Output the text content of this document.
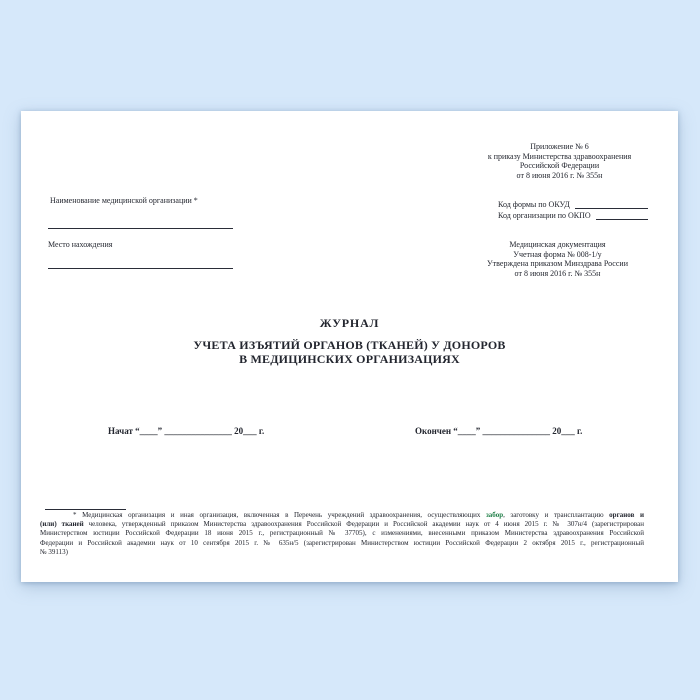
Приложение № 6
к приказу Министерства здравоохранения
Российской Федерации
от 8 июня 2016 г. № 355н
Наименование медицинской организации *
Место нахождения
Код формы по ОКУД
Код организации по ОКПО
Медицинская документация
Учетная форма № 008-1/у
Утверждена приказом Минздрава России
от 8 июня 2016 г. № 355н
ЖУРНАЛ
УЧЕТА ИЗЪЯТИЙ ОРГАНОВ (ТКАНЕЙ) У ДОНОРОВ
В МЕДИЦИНСКИХ ОРГАНИЗАЦИЯХ
Начат “____” _______________ 20___ г.	Окончен “____” _______________ 20___ г.
* Медицинская организация и иная организация, включенная в Перечень учреждений здравоохранения, осуществляющих забор, заготовку и трансплантацию органов и
(или) тканей человека, утвержденный приказом Министерства здравоохранения Российской Федерации и Российской академии наук от 4 июня 2015 г. № 307н/4 (зарегистрирован
Министерством юстиции Российской Федерации 18 июня 2015 г., регистрационный № 37705), с изменениями, внесенными приказом Министерства здравоохранения Российской
Федерации и Российской академии наук от 10 сентября 2015 г. № 635н/5 (зарегистрирован Министерством юстиции Российской Федерации 2 октября 2015 г., регистрационный
№ 39113)
